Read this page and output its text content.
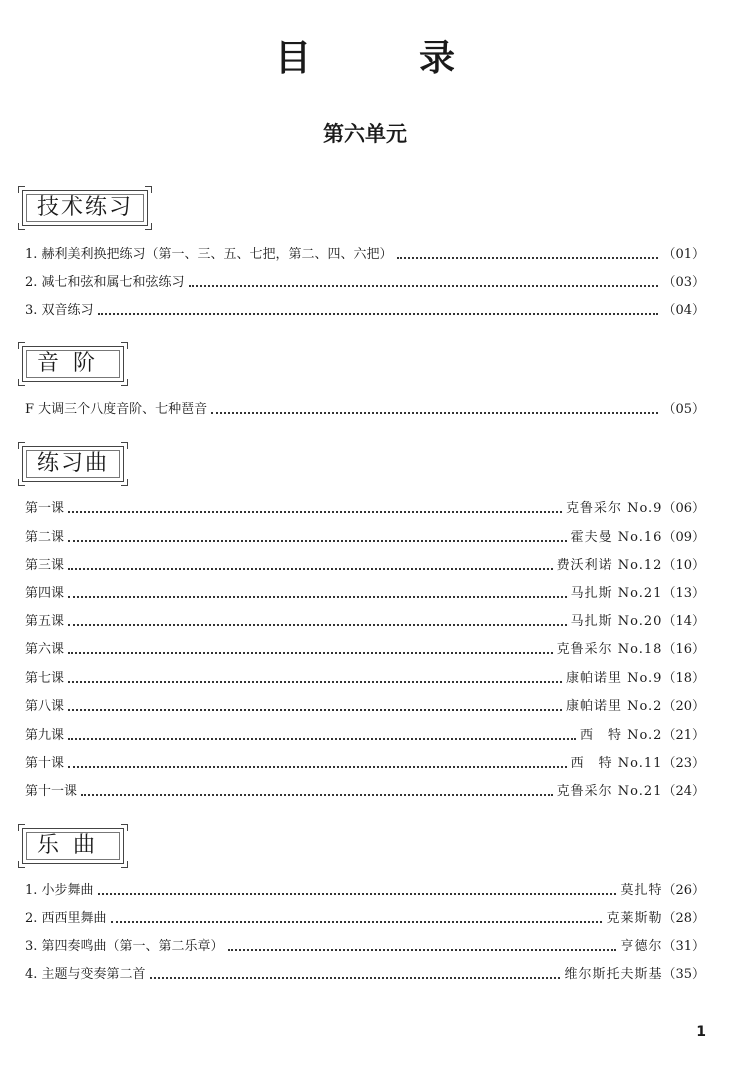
目　录
第六单元
技术练习
1. 赫利美利换把练习（第一、三、五、七把，第二、四、六把）	（01）
2. 减七和弦和属七和弦练习	（03）
3. 双音练习	（04）
音阶
F 大调三个八度音阶、七种琶音	（05）
练习曲
第一课	克鲁采尔 No.9（06）
第二课	霍夫曼 No.16（09）
第三课	费沃利诺 No.12（10）
第四课	马扎斯 No.21（13）
第五课	马扎斯 No.20（14）
第六课	克鲁采尔 No.18（16）
第七课	康帕诺里 No.9（18）
第八课	康帕诺里 No.2（20）
第九课	西　特 No.2（21）
第十课	西　特 No.11（23）
第十一课	克鲁采尔 No.21（24）
乐曲
1. 小步舞曲	莫扎特（26）
2. 西西里舞曲	克莱斯勒（28）
3. 第四奏鸣曲（第一、第二乐章）	亨德尔（31）
4. 主题与变奏第二首	维尔斯托夫斯基（35）
1
